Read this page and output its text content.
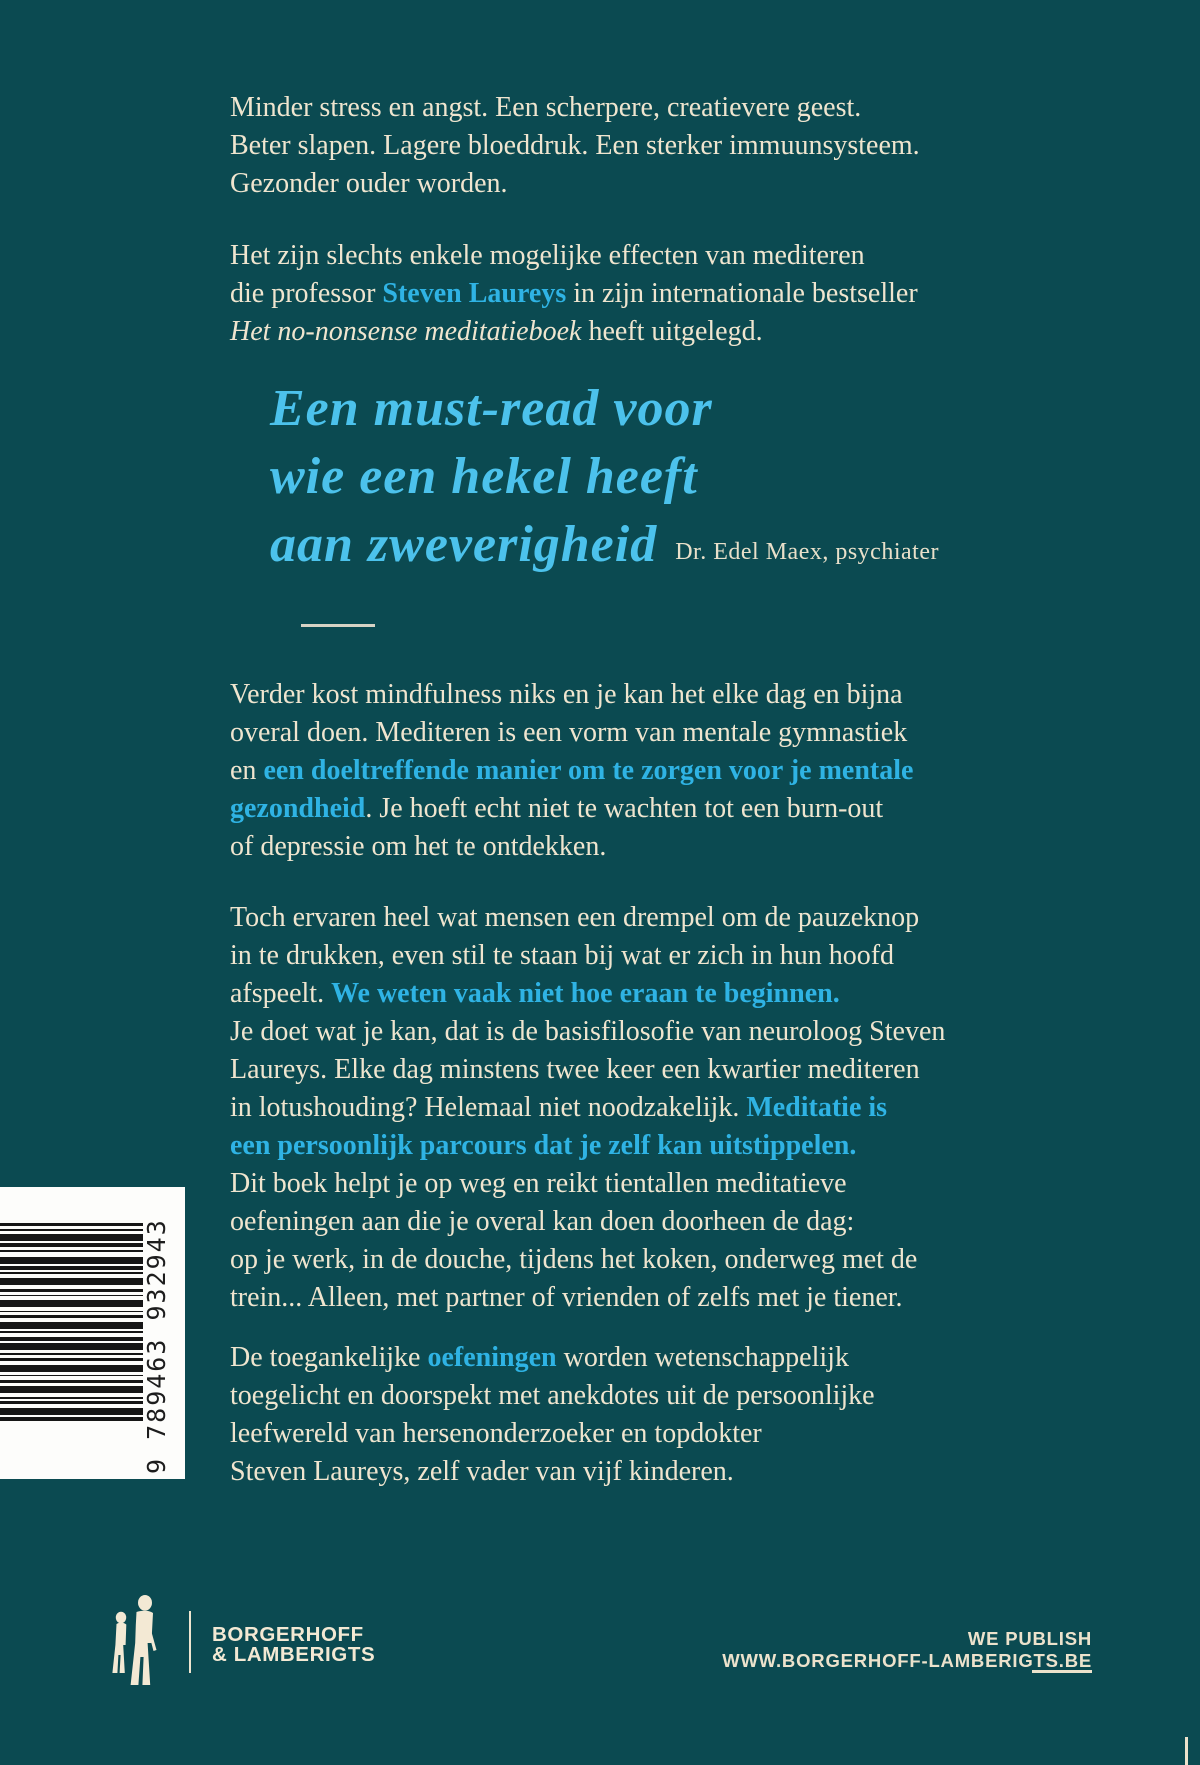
Minder stress en angst. Een scherpere, creatievere geest.
Beter slapen. Lagere bloeddruk. Een sterker immuunsysteem.
Gezonder ouder worden.
Het zijn slechts enkele mogelijke effecten van mediteren
die professor Steven Laureys in zijn internationale bestseller
Het no-nonsense meditatieboek heeft uitgelegd.
Een must-read voor
wie een hekel heeft
aan zweverigheid Dr. Edel Maex, psychiater
Verder kost mindfulness niks en je kan het elke dag en bijna
overal doen. Mediteren is een vorm van mentale gymnastiek
en een doeltreffende manier om te zorgen voor je mentale
gezondheid. Je hoeft echt niet te wachten tot een burn-out
of depressie om het te ontdekken.
Toch ervaren heel wat mensen een drempel om de pauzeknop
in te drukken, even stil te staan bij wat er zich in hun hoofd
afspeelt. We weten vaak niet hoe eraan te beginnen.
Je doet wat je kan, dat is de basisfilosofie van neuroloog Steven
Laureys. Elke dag minstens twee keer een kwartier mediteren
in lotushouding? Helemaal niet noodzakelijk. Meditatie is
een persoonlijk parcours dat je zelf kan uitstippelen.
Dit boek helpt je op weg en reikt tientallen meditatieve
oefeningen aan die je overal kan doen doorheen de dag:
op je werk, in de douche, tijdens het koken, onderweg met de
trein... Alleen, met partner of vrienden of zelfs met je tiener.
De toegankelijke oefeningen worden wetenschappelijk
toegelicht en doorspekt met anekdotes uit de persoonlijke
leefwereld van hersenonderzoeker en topdokter
Steven Laureys, zelf vader van vijf kinderen.
9 789463 932943
BORGERHOFF
& LAMBERIGTS
WE PUBLISH
WWW.BORGERHOFF-LAMBERIGTS.BE
